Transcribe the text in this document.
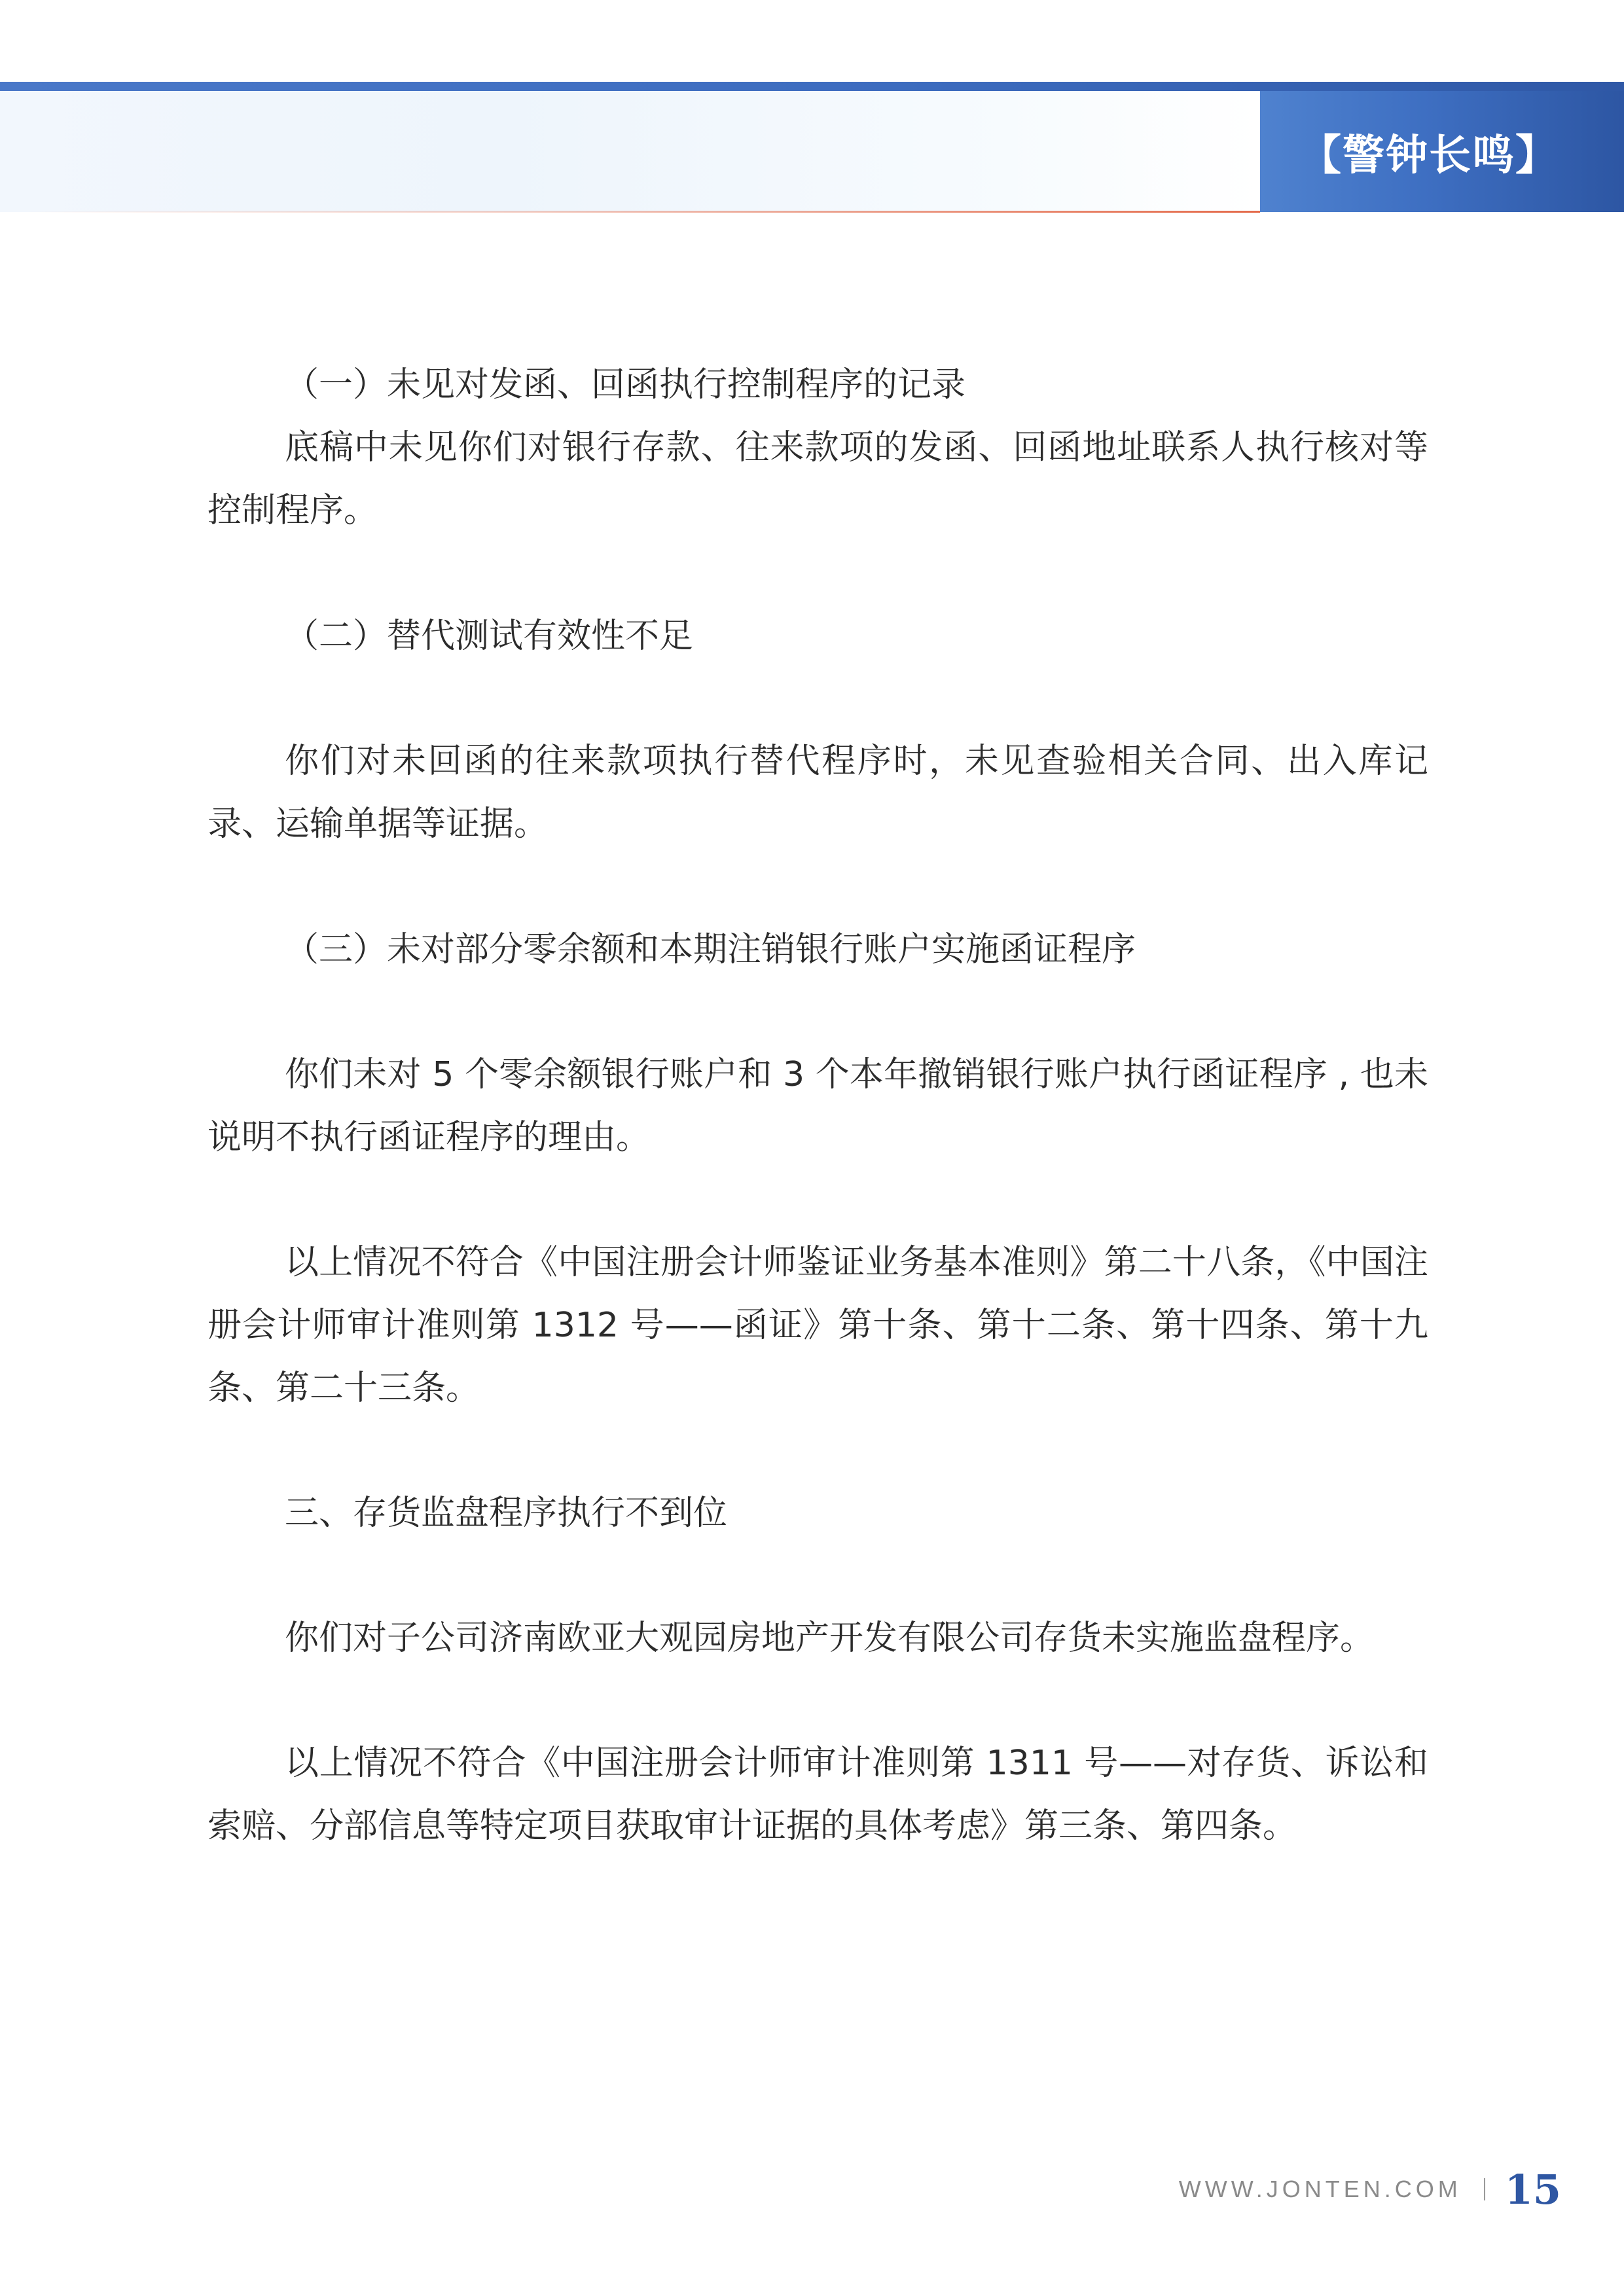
【警钟长鸣】

（一）未见对发函、回函执行控制程序的记录

底稿中未见你们对银行存款、往来款项的发函、回函地址联系人执行核对等控制程序。

（二）替代测试有效性不足

你们对未回函的往来款项执行替代程序时，未见查验相关合同、出入库记录、运输单据等证据。

（三）未对部分零余额和本期注销银行账户实施函证程序

你们未对 5 个零余额银行账户和 3 个本年撤销银行账户执行函证程序 , 也未说明不执行函证程序的理由。

以上情况不符合《中国注册会计师鉴证业务基本准则》第二十八条，《中国注册会计师审计准则第 1312 号——函证》第十条、第十二条、第十四条、第十九条、第二十三条。

三、存货监盘程序执行不到位

你们对子公司济南欧亚大观园房地产开发有限公司存货未实施监盘程序。

以上情况不符合《中国注册会计师审计准则第 1311 号——对存货、诉讼和索赔、分部信息等特定项目获取审计证据的具体考虑》第三条、第四条。

WWW.JONTEN.COM 15
